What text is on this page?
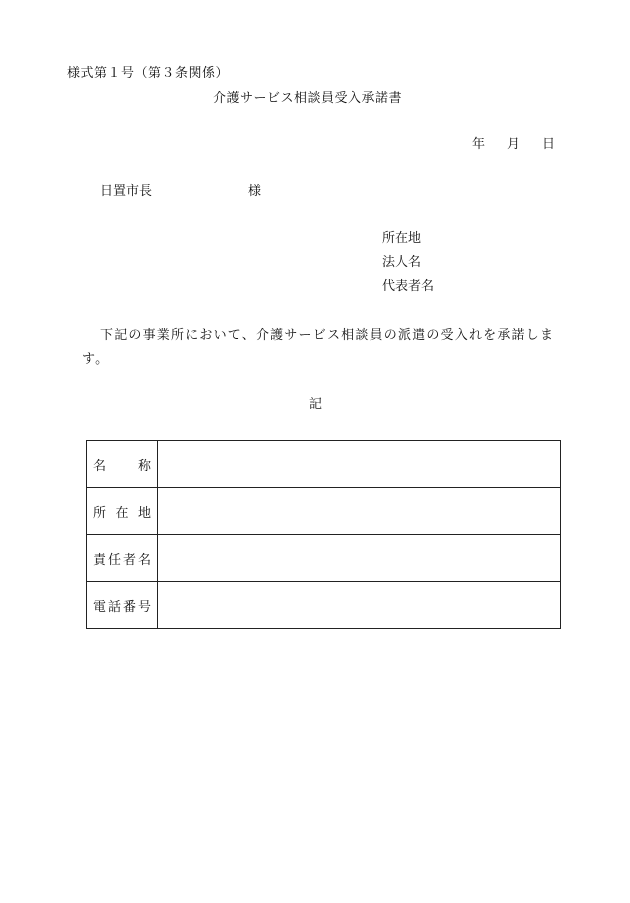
様式第１号（第３条関係）
介護サービス相談員受入承諾書
年 月 日
日置市長	様
所在地
法人名
代表者名
下記の事業所において、介護サービス相談員の派遣の受入れを承諾します。
記
名 称	

所 在 地	

責 任 者 名	

電 話 番 号	
